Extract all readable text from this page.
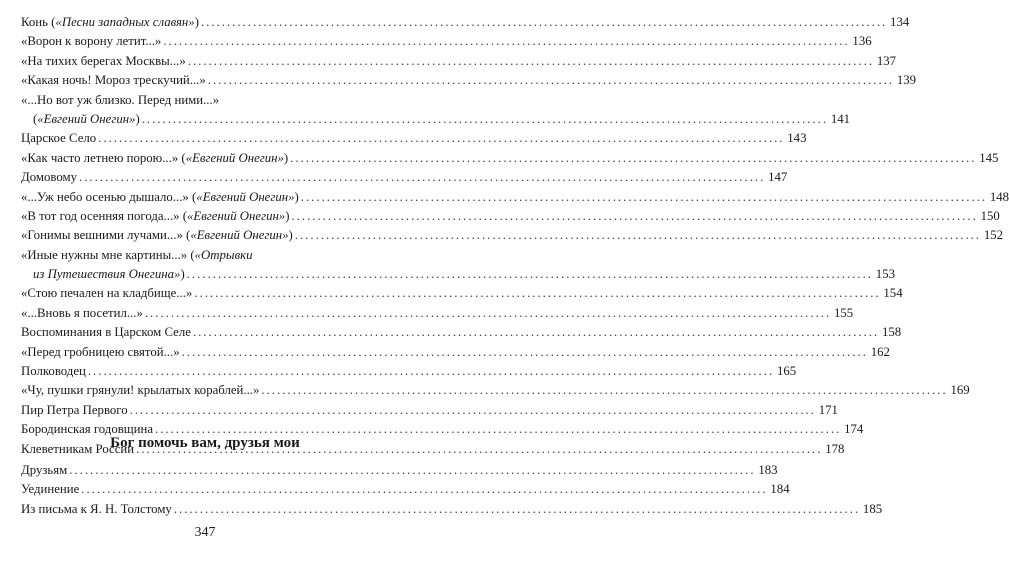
Конь («Песни западных славян») .....	134
«Ворон к ворону летит...» .....	136
«На тихих берегах Москвы...» .....	137
«Какая ночь! Мороз трескучий...» .....	139
«...Но вот уж близко. Перед ними...»
(«Евгений Онегин») .....	141
Царское Село .....	143
«Как часто летнею порою...» («Евгений Онегин») .....	145
Домовому .....	147
«...Уж небо осенью дышало...» («Евгений Онегин») .....	148
«В тот год осенняя погода...» («Евгений Онегин») .....	150
«Гонимы вешними лучами...» («Евгений Онегин») .....	152
«Иные нужны мне картины...» («Отрывки
из Путешествия Онегина») .....	153
«Стою печален на кладбище...» .....	154
«...Вновь я посетил...» .....	155
Воспоминания в Царском Селе .....	158
«Перед гробницею святой...» .....	162
Полководец .....	165
«Чу, пушки грянули! крылатых кораблей...» .....	169
Пир Петра Первого .....	171
Бородинская годовщина .....	174
Клеветникам России .....	178
Бог помочь вам, друзья мои
Друзьям .....	183
Уединение .....	184
Из письма к Я. Н. Толстому .....	185
347
